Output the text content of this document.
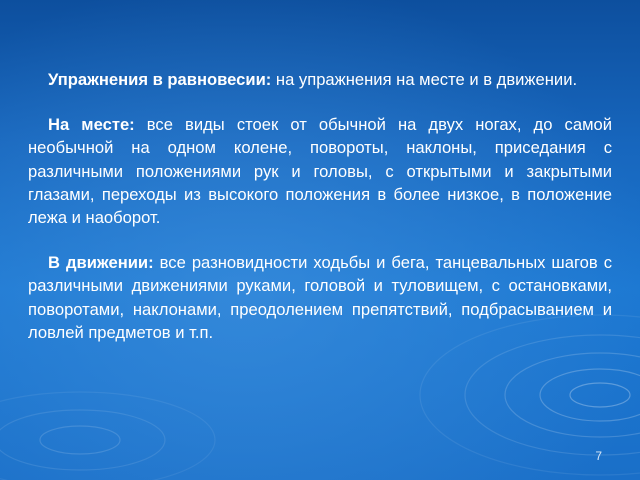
Упражнения в равновесии: на упражнения на месте и в движении.

На месте: все виды стоек от обычной на двух ногах, до самой необычной на одном колене, повороты, наклоны, приседания с различными положениями рук и головы, с открытыми и закрытыми глазами, переходы из высокого положения в более низкое, в положение лежа и наоборот.

В движении: все разновидности ходьбы и бега, танцевальных шагов с различными движениями руками, головой и туловищем, с остановками, поворотами, наклонами, преодолением препятствий, подбрасыванием и ловлей предметов и т.п.

7
